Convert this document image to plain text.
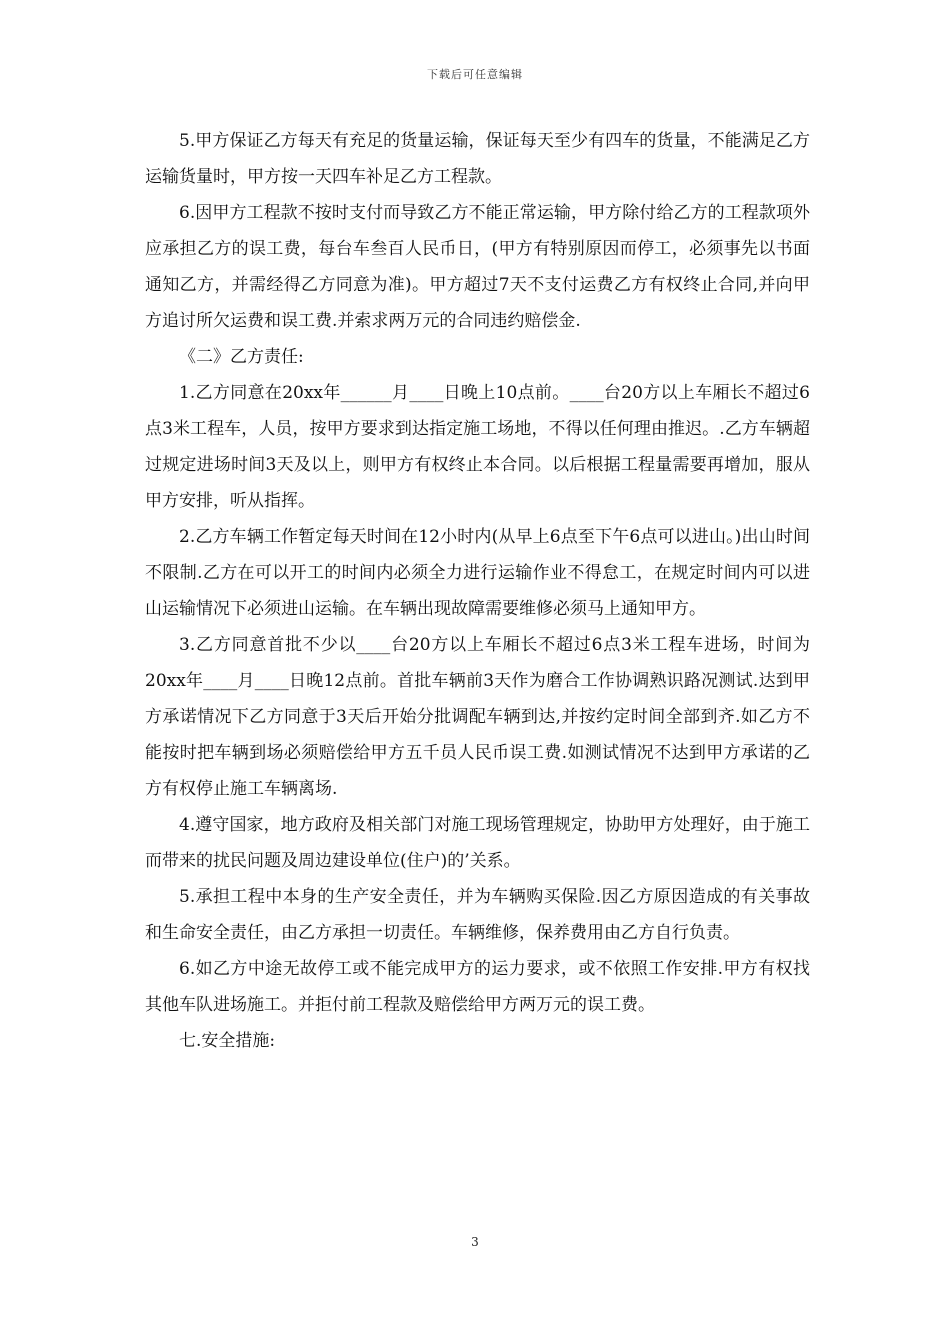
下载后可任意编辑

5.甲方保证乙方每天有充足的货量运输，保证每天至少有四车的货量，不能满足乙方运输货量时，甲方按一天四车补足乙方工程款。

6.因甲方工程款不按时支付而导致乙方不能正常运输，甲方除付给乙方的工程款项外应承担乙方的误工费，每台车叁百人民币日，(甲方有特别原因而停工，必须事先以书面通知乙方，并需经得乙方同意为准)。甲方超过7天不支付运费乙方有权终止合同,并向甲方追讨所欠运费和误工费.并索求两万元的合同违约赔偿金.

《二》乙方责任:

1.乙方同意在20xx年______月____日晚上10点前。____台20方以上车厢长不超过6点3米工程车，人员，按甲方要求到达指定施工场地，不得以任何理由推迟。.乙方车辆超过规定进场时间3天及以上，则甲方有权终止本合同。以后根据工程量需要再增加，服从甲方安排，听从指挥。

2.乙方车辆工作暂定每天时间在12小时内(从早上6点至下午6点可以进山。)出山时间不限制.乙方在可以开工的时间内必须全力进行运输作业不得怠工，在规定时间内可以进山运输情况下必须进山运输。在车辆出现故障需要维修必须马上通知甲方。

3.乙方同意首批不少以____台20方以上车厢长不超过6点3米工程车进场，时间为20xx年____月____日晚12点前。首批车辆前3天作为磨合工作协调熟识路况测试.达到甲方承诺情况下乙方同意于3天后开始分批调配车辆到达,并按约定时间全部到齐.如乙方不能按时把车辆到场必须赔偿给甲方五千员人民币误工费.如测试情况不达到甲方承诺的乙方有权停止施工车辆离场.

4.遵守国家，地方政府及相关部门对施工现场管理规定，协助甲方处理好，由于施工而带来的扰民问题及周边建设单位(住户)的’关系。

5.承担工程中本身的生产安全责任，并为车辆购买保险.因乙方原因造成的有关事故和生命安全责任，由乙方承担一切责任。车辆维修，保养费用由乙方自行负责。

6.如乙方中途无故停工或不能完成甲方的运力要求，或不依照工作安排.甲方有权找其他车队进场施工。并拒付前工程款及赔偿给甲方两万元的误工费。

七.安全措施:

3
